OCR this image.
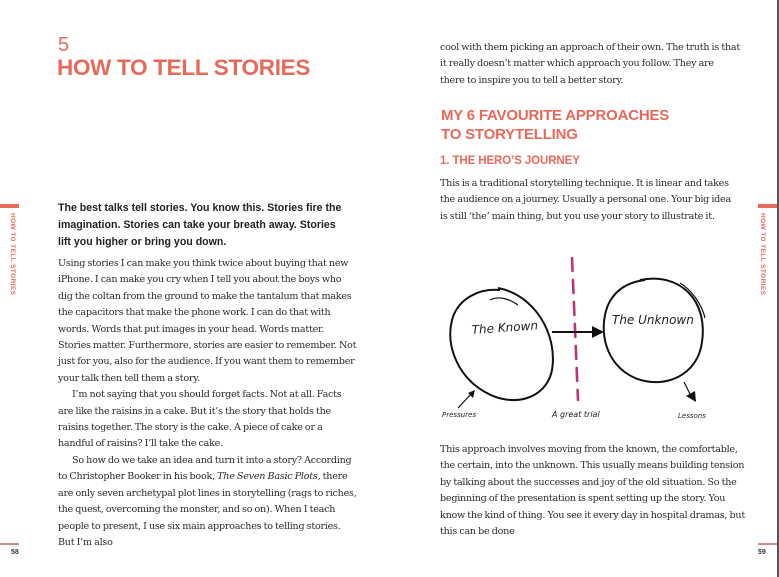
5
HOW TO TELL STORIES
HOW TO TELL STORIES
The best talks tell stories. You know this. Stories fire the imagination. Stories can take your breath away. Stories lift you higher or bring you down.

Using stories I can make you think twice about buying that new iPhone. I can make you cry when I tell you about the boys who dig the coltan from the ground to make the tantalum that makes the capacitors that make the phone work. I can do that with words. Words that put images in your head. Words matter. Stories matter. Furthermore, stories are easier to remember. Not just for you, also for the audience. If you want them to remember your talk then tell them a story.

I’m not saying that you should forget facts. Not at all. Facts are like the raisins in a cake. But it’s the story that holds the raisins together. The story is the cake. A piece of cake or a handful of raisins? I’ll take the cake.

So how do we take an idea and turn it into a story? According to Christopher Booker in his book, The Seven Basic Plots, there are only seven archetypal plot lines in storytelling (rags to riches, the quest, overcoming the monster, and so on). When I teach people to present, I use six main approaches to telling stories. But I’m also

58
cool with them picking an approach of their own. The truth is that it really doesn’t matter which approach you follow. They are there to inspire you to tell a better story.
MY 6 FAVOURITE APPROACHES
TO STORYTELLING
1. THE HERO’S JOURNEY
This is a traditional storytelling technique. It is linear and takes the audience on a journey. Usually a personal one. Your big idea is still ‘the’ main thing, but you use your story to illustrate it.
The Known	The Unknown
Pressures	A great trial	Lessons
This approach involves moving from the known, the comfortable, the certain, into the unknown. This usually means building tension by talking about the successes and joy of the old situation. So the beginning of the presentation is spent setting up the story. You know the kind of thing. You see it every day in hospital dramas, but this can be done
HOW TO TELL STORIES
59
